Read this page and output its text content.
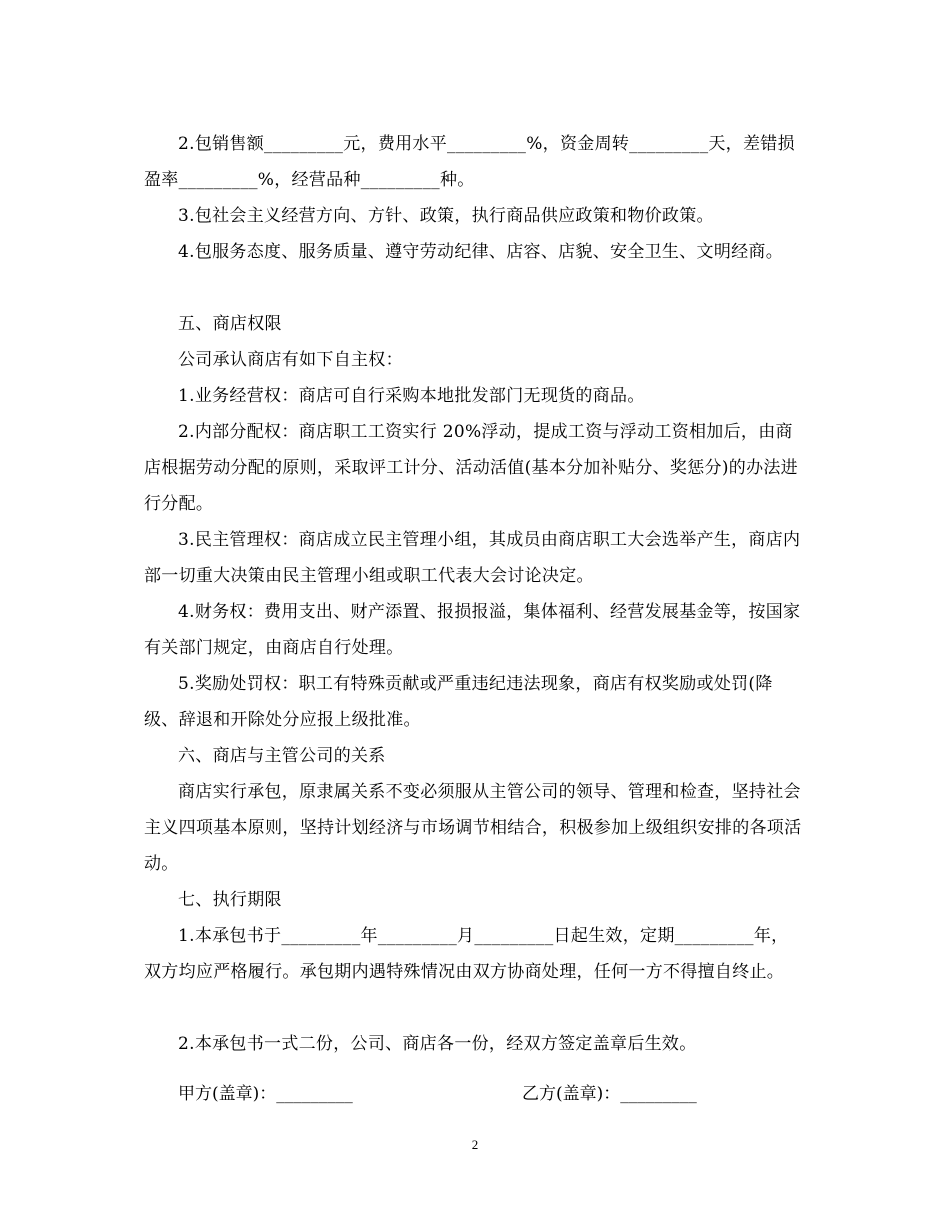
2.包销售额_________元，费用水平_________%，资金周转_________天，差错损盈率_________%，经营品种_________种。

3.包社会主义经营方向、方针、政策，执行商品供应政策和物价政策。

4.包服务态度、服务质量、遵守劳动纪律、店容、店貌、安全卫生、文明经商。

五、商店权限

公司承认商店有如下自主权：

1.业务经营权：商店可自行采购本地批发部门无现货的商品。

2.内部分配权：商店职工工资实行 20%浮动，提成工资与浮动工资相加后，由商店根据劳动分配的原则，采取评工计分、活动活值(基本分加补贴分、奖惩分)的办法进行分配。

3.民主管理权：商店成立民主管理小组，其成员由商店职工大会选举产生，商店内部一切重大决策由民主管理小组或职工代表大会讨论决定。

4.财务权：费用支出、财产添置、报损报溢，集体福利、经营发展基金等，按国家有关部门规定，由商店自行处理。

5.奖励处罚权：职工有特殊贡献或严重违纪违法现象，商店有权奖励或处罚(降级、辞退和开除处分应报上级批准。

六、商店与主管公司的关系

商店实行承包，原隶属关系不变必须服从主管公司的领导、管理和检查，坚持社会主义四项基本原则，坚持计划经济与市场调节相结合，积极参加上级组织安排的各项活动。

七、执行期限

1.本承包书于_________年_________月_________日起生效，定期_________年，双方均应严格履行。承包期内遇特殊情况由双方协商处理，任何一方不得擅自终止。

2.本承包书一式二份，公司、商店各一份，经双方签定盖章后生效。

甲方(盖章)：_________	乙方(盖章)：_________
2
